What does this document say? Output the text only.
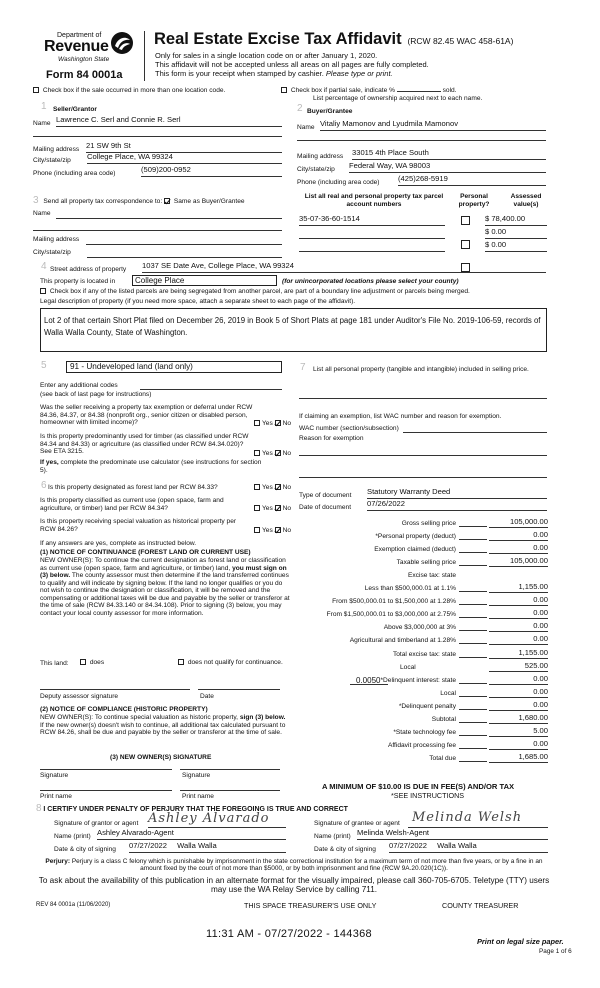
Department of
Revenue
Washington State
Form 84 0001a
Real Estate Excise Tax Affidavit (RCW 82.45 WAC 458-61A)
Only for sales in a single location code on or after January 1, 2020.
This affidavit will not be accepted unless all areas on all pages are fully completed.
This form is your receipt when stamped by cashier. Please type or print.
Check box if the sale occurred in more than one location code.	Check box if partial sale, indicate %	sold.
List percentage of ownership acquired next to each name.
1 Seller/Grantor
Name Lawrence C. Serl and Connie R. Serl
Mailing address 21 SW 9th St
City/state/zip College Place, WA 99324
Phone (including area code)	(509)200-0952
2 Buyer/Grantee
Name Vitaliy Mamonov and Lyudmila Mamonov
Mailing address 33015 4th Place South
City/state/zip Federal Way, WA 98003
Phone (including area code) (425)268-5919
3 Send all property tax correspondence to: Same as Buyer/Grantee
Name
Mailing address
City/state/zip
List all real and personal property tax parcel account numbers
Personal property?
Assessed value(s)
35-07-36-60-1514	$ 78,400.00
$ 0.00
$ 0.00
4 Street address of property 1037 SE Date Ave, College Place, WA 99324
This property is located in	College Place	(for unincorporated locations please select your county)
Check box if any of the listed parcels are being segregated from another parcel, are part of a boundary line adjustment or parcels being merged.
Legal description of property (if you need more space, attach a separate sheet to each page of the affidavit).
Lot 2 of that certain Short Plat filed on December 26, 2019 in Book 5 of Short Plats at page 181 under Auditor's File No. 2019-106-59, records of Walla Walla County, State of Washington.
5	91 - Undeveloped land (land only)
Enter any additional codes
(see back of last page for instructions)
Was the seller receiving a property tax exemption or deferral under RCW 84.36, 84.37, or 84.38 (nonprofit org., senior citizen or disabled person, homeowner with limited income)?	Yes No
Is this property predominantly used for timber (as classified under RCW 84.34 and 84.33) or agriculture (as classified under RCW 84.34.020)? See ETA 3215.	Yes No
If yes, complete the predominate use calculator (see instructions for section 5).
6 Is this property designated as forest land per RCW 84.33?	Yes No
Is this property classified as current use (open space, farm and agriculture, or timber) land per RCW 84.34?	Yes No
Is this property receiving special valuation as historical property per RCW 84.26?	Yes No
If any answers are yes, complete as instructed below.
(1) NOTICE OF CONTINUANCE (FOREST LAND OR CURRENT USE)
NEW OWNER(S): To continue the current designation as forest land or classification as current use (open space, farm and agriculture, or timber) land, you must sign on (3) below. The county assessor must then determine if the land transferred continues to qualify and will indicate by signing below. If the land no longer qualifies or you do not wish to continue the designation or classification, it will be removed and the compensating or additional taxes will be due and payable by the seller or transferor at the time of sale (RCW 84.33.140 or 84.34.108). Prior to signing (3) below, you may contact your local county assessor for more information.
This land:	does	does not qualify for continuance.
Deputy assessor signature	Date
(2) NOTICE OF COMPLIANCE (HISTORIC PROPERTY)
NEW OWNER(S): To continue special valuation as historic property, sign (3) below. If the new owner(s) doesn't wish to continue, all additional tax calculated pursuant to RCW 84.26, shall be due and payable by the seller or transferor at the time of sale.
(3) NEW OWNER(S) SIGNATURE
Signature	Signature
Print name	Print name
7 List all personal property (tangible and intangible) included in selling price.
If claiming an exemption, list WAC number and reason for exemption.
WAC number (section/subsection)
Reason for exemption
Type of document Statutory Warranty Deed
Date of document 07/26/2022
Gross selling price	105,000.00
*Personal property (deduct)	0.00
Exemption claimed (deduct)	0.00
Taxable selling price	105,000.00
Excise tax: state
Less than $500,000.01 at 1.1%	1,155.00
From $500,000.01 to $1,500,000 at 1.28%	0.00
From $1,500,000.01 to $3,000,000 at 2.75%	0.00
Above $3,000,000 at 3%	0.00
Agricultural and timberland at 1.28%	0.00
Total excise tax: state	1,155.00
Local	525.00
*Delinquent interest: state	0.00
Local	0.00
*Delinquent penalty	0.00
Subtotal	1,680.00
*State technology fee	5.00
Affidavit processing fee	0.00
Total due	1,685.00
0.0050
A MINIMUM OF $10.00 IS DUE IN FEE(S) AND/OR TAX
*SEE INSTRUCTIONS
8 I CERTIFY UNDER PENALTY OF PERJURY THAT THE FOREGOING IS TRUE AND CORRECT
Signature of grantor or agent Ashley Alvarado
Name (print) Ashley Alvarado-Agent
Date & city of signing 07/27/2022 Walla Walla
Signature of grantee or agent Melinda Welsh
Name (print) Melinda Welsh-Agent
Date & city of signing 07/27/2022 Walla Walla
Perjury: Perjury is a class C felony which is punishable by imprisonment in the state correctional institution for a maximum term of not more than five years, or by a fine in an amount fixed by the court of not more than $5000, or by both imprisonment and fine (RCW 9A.20.020(1C)).
To ask about the availability of this publication in an alternate format for the visually impaired, please call 360-705-6705. Teletype (TTY) users may use the WA Relay Service by calling 711.
REV 84 0001a (11/06/2020)	THIS SPACE TREASURER'S USE ONLY	COUNTY TREASURER
11:31 AM - 07/27/2022 - 144368
Print on legal size paper.
Page 1 of 6
